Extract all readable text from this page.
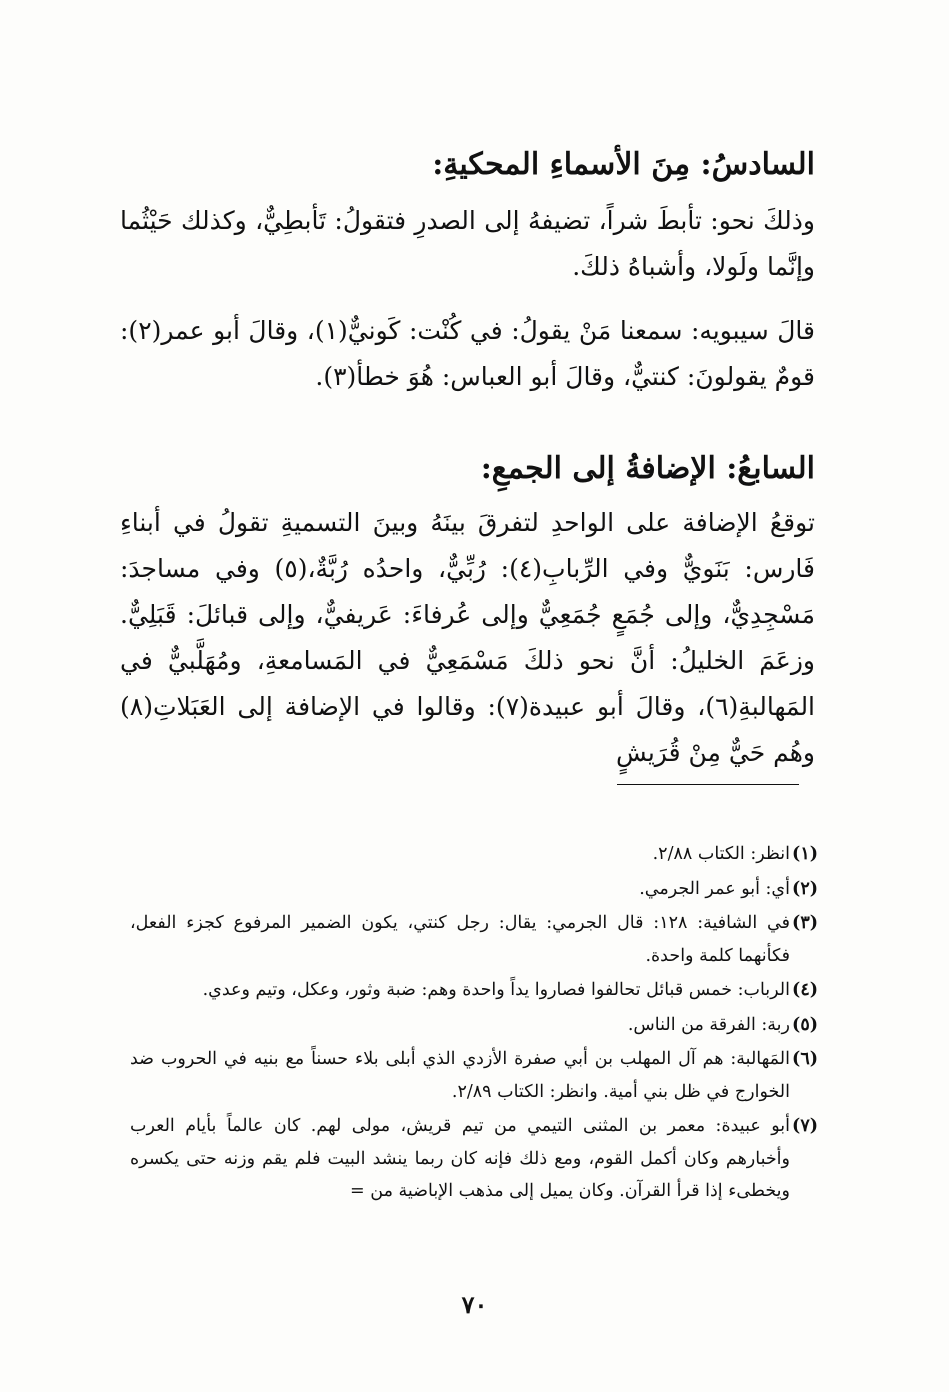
السادسُ: مِنَ الأسماءِ المحكيةِ:

وذلكَ نحو: تأبطَ شراً، تضيفهُ إلى الصدرِ فتقولُ: تَأبطِيٌّ، وكذلك حَيْثُما وإنَّما ولَولا، وأشباهُ ذلكَ.

قالَ سيبويه: سمعنا مَنْ يقولُ: في كُنْت: كَونيٌّ(١)، وقالَ أبو عمر(٢): قومٌ يقولونَ: كنتيٌّ، وقالَ أبو العباس: هُوَ خطأ(٣).

السابعُ: الإضافةُ إلى الجمعِ:

توقعُ الإضافة على الواحدِ لتفرقَ بينَهُ وبينَ التسميةِ تقولُ في أبناءِ فَارس: بَنَويٌّ وفي الرِّبابِ(٤): رُبِّيٌّ، واحدُه رُبَّةٌ،(٥) وفي مساجدَ: مَسْجِدِيٌّ، وإلى جُمَعٍ جُمَعِيٌّ وإلى عُرفاءَ: عَريفيٌّ، وإلى قبائلَ: قَبَلِيٌّ. وزعَمَ الخليلُ: أنَّ نحو ذلكَ مَسْمَعِيٌّ في المَسامعةِ، ومُهَلَّبيٌّ في المَهالبةِ(٦)، وقالَ أبو عبيدة(٧): وقالوا في الإضافة إلى العَبَلاتِ(٨) وهُم حَيٌّ مِنْ قُرَيشٍ

(١)
انظر: الكتاب ٢/٨٨.

(٢)
أي: أبو عمر الجرمي.

(٣)
في الشافية: ١٢٨: قال الجرمي: يقال: رجل كنتي، يكون الضمير المرفوع كجزء الفعل، فكأنهما كلمة واحدة.

(٤)
الرباب: خمس قبائل تحالفوا فصاروا يداً واحدة وهم: ضبة وثور، وعكل، وتيم وعدي.

(٥)
ربة: الفرقة من الناس.

(٦)
المَهالبة: هم آل المهلب بن أبي صفرة الأزدي الذي أبلى بلاء حسناً مع بنيه في الحروب ضد الخوارج في ظل بني أمية. وانظر: الكتاب ٢/٨٩.

(٧)
أبو عبيدة: معمر بن المثنى التيمي من تيم قريش، مولى لهم. كان عالماً بأيام العرب وأخبارهم وكان أكمل القوم، ومع ذلك فإنه كان ربما ينشد البيت فلم يقم وزنه حتى يكسره ويخطىء إذا قرأ القرآن. وكان يميل إلى مذهب الإباضية من =

٧٠
